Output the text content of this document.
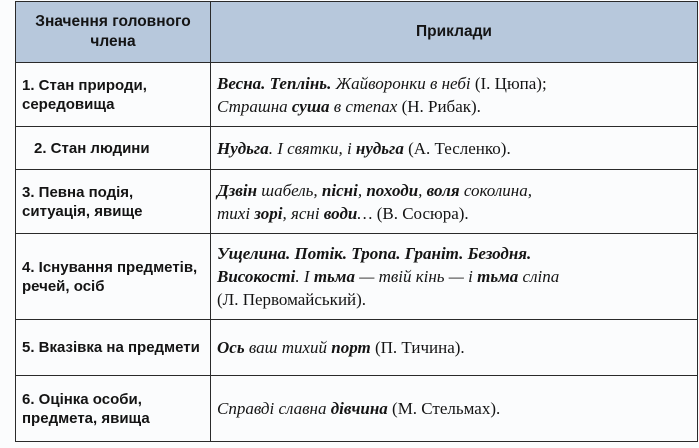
Значення головного члена	Приклади
1. Стан природи, середовища	Весна. Теплінь. Жайворонки в небі (І. Цюпа);
Страшна суша в степах (Н. Рибак).
2. Стан людини	Нудьга. І святки, і нудьга (А. Тесленко).
3. Певна подія, ситуація, явище	Дзвін шабель, пісні, походи, воля соколина,
тихі зорі, ясні води… (В. Сосюра).
4. Існування предметів, речей, осіб	Ущелина. Потік. Тропа. Граніт. Безодня.
Високості. І тьма — твій кінь — і тьма сліпа
(Л. Первомайський).
5. Вказівка на предмети	Ось ваш тихий порт (П. Тичина).
6. Оцінка особи, предмета, явища	Справді славна дівчина (М. Стельмах).
